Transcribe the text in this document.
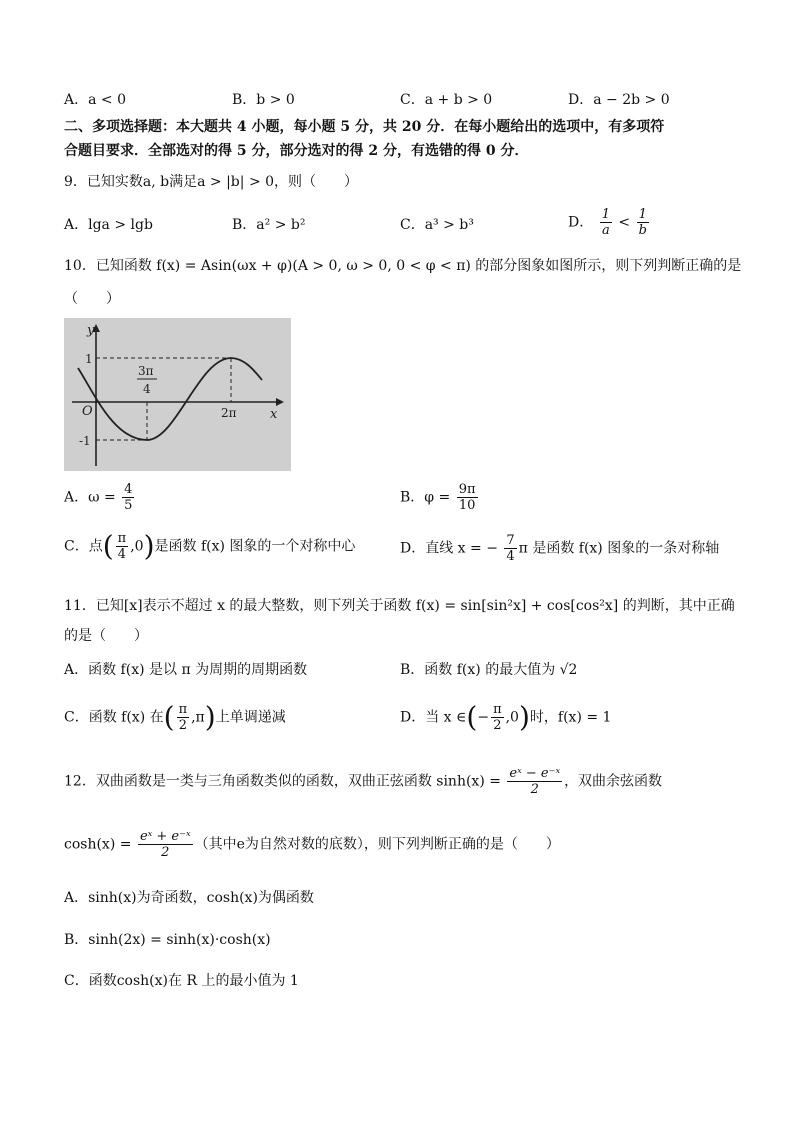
A．a < 0	B．b > 0	C．a + b > 0	D．a − 2b > 0
二、多项选择题：本大题共 4 小题，每小题 5 分，共 20 分．在每小题给出的选项中，有多项符
合题目要求．全部选对的得 5 分，部分选对的得 2 分，有选错的得 0 分．
9．已知实数a, b满足a > |b| > 0，则（　　）
A．lga > lgb	B．a² > b²	C．a³ > b³	D． $\frac{1}{a} < \frac{1}{b}$
10．已知函数 f(x) = Asin(ωx + φ)(A > 0, ω > 0, 0 < φ < π) 的部分图象如图所示，则下列判断正确的是
（　　）
y
x
O
1
-1
3π
4
2π
A．$\omega = \frac{4}{5}$	B．$\varphi = \frac{9\pi}{10}$
C．点( $\frac{\pi}{4} ,0$)是函数 f(x) 图象的一个对称中心	D．直线 x = − $\frac{7}{4}$ π 是函数 f(x) 图象的一条对称轴
11．已知[x]表示不超过 x 的最大整数，则下列关于函数 f(x) = sin[sin²x] + cos[cos²x] 的判断，其中正确
的是（　　）
A．函数 f(x) 是以 π 为周期的周期函数	B．函数 f(x) 的最大值为 √2
C．函数 f(x) 在( $\frac{\pi}{2} ,\pi$)上单调递减	D．当 x ∈(− $\frac{\pi}{2} ,0$)时，f(x) = 1
12．双曲函数是一类与三角函数类似的函数，双曲正弦函数 $\sinh(x) = \frac{\text{eˣ − e⁻ˣ}}{2}$ ，双曲余弦函数
$\cosh(x) = \frac{\text{eˣ + e⁻ˣ}}{2}$ （其中e为自然对数的底数），则下列判断正确的是（　　）
A．sinh(x)为奇函数，cosh(x)为偶函数
B．sinh(2x) = sinh(x)·cosh(x)
C．函数cosh(x)在 R 上的最小值为 1
